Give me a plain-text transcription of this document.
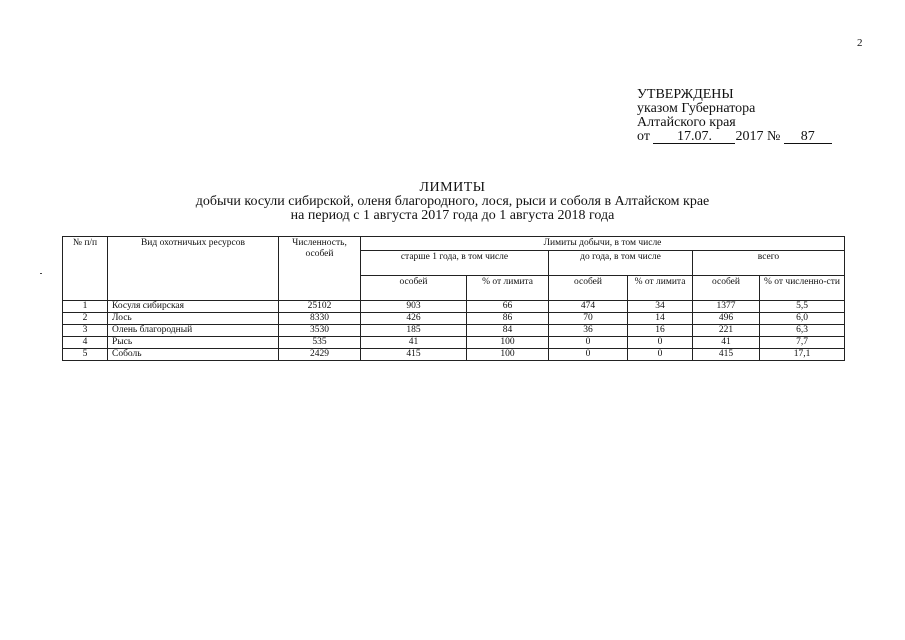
2
УТВЕРЖДЕНЫ
указом Губернатора
Алтайского края
от 17.07. 2017 № 87
ЛИМИТЫ
добычи косули сибирской, оленя благородного, лося, рыси и соболя в Алтайском крае
на период с 1 августа 2017 года до 1 августа 2018 года
№ п/п	Вид охотничьих ресурсов	Численность, особей	Лимиты добычи, в том числе					
			старше 1 года, в том числе		до года, в том числе		всего	
			особей	% от лимита	особей	% от лимита	особей	% от численно-сти
1	Косуля сибирская	25102	903	66	474	34	1377	5,5
2	Лось	8330	426	86	70	14	496	6,0
3	Олень благородный	3530	185	84	36	16	221	6,3
4	Рысь	535	41	100	0	0	41	7,7
5	Соболь	2429	415	100	0	0	415	17,1
